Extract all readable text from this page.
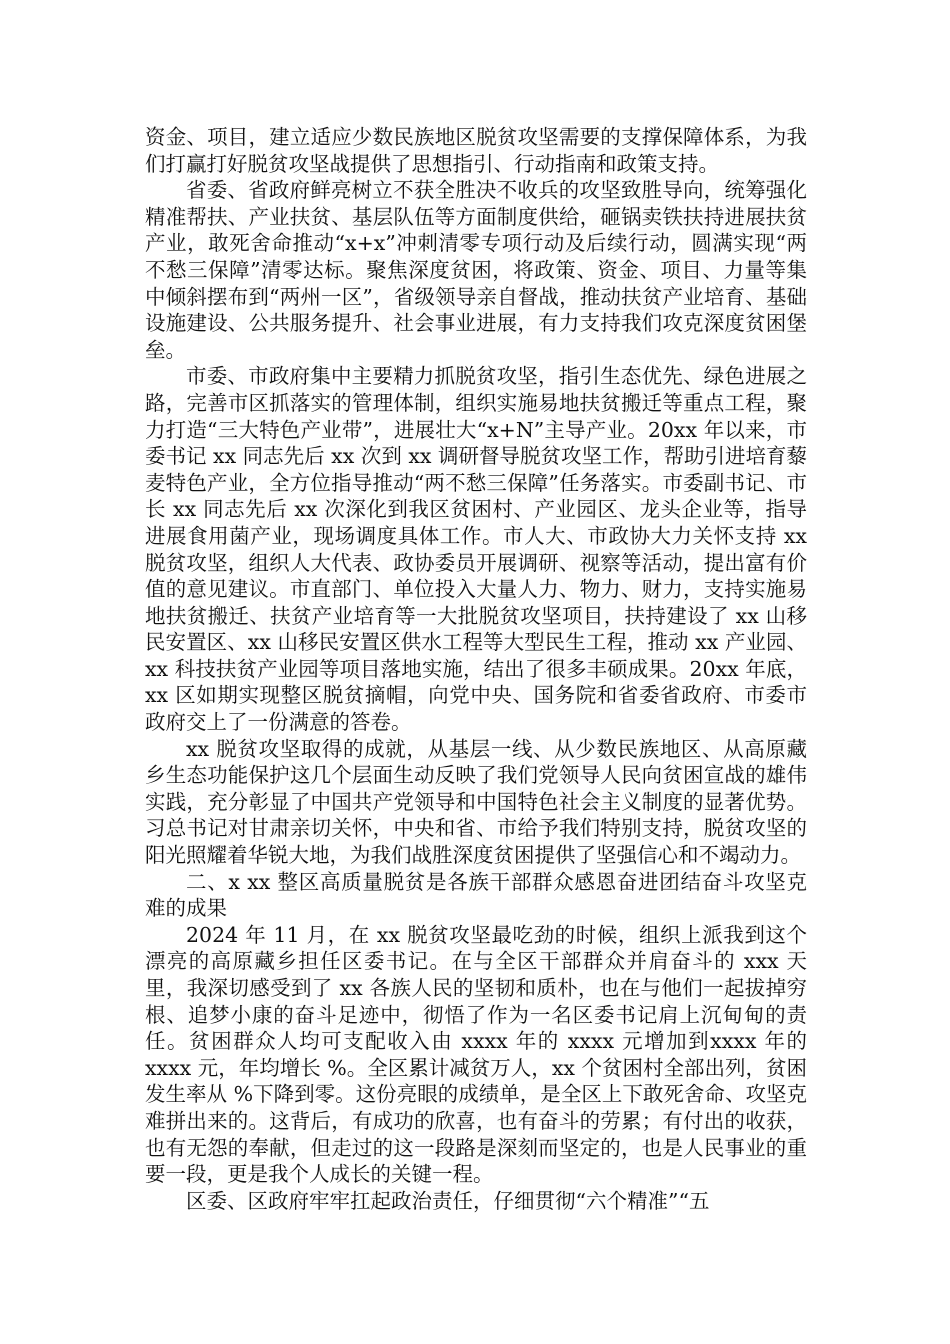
资金、项目，建立适应少数民族地区脱贫攻坚需要的支撑保障体系，为我们打赢打好脱贫攻坚战提供了思想指引、行动指南和政策支持。

省委、省政府鲜亮树立不获全胜决不收兵的攻坚致胜导向，统筹强化精准帮扶、产业扶贫、基层队伍等方面制度供给，砸锅卖铁扶持进展扶贫产业，敢死舍命推动“x+x”冲刺清零专项行动及后续行动，圆满实现“两不愁三保障”清零达标。聚焦深度贫困，将政策、资金、项目、力量等集中倾斜摆布到“两州一区”，省级领导亲自督战，推动扶贫产业培育、基础设施建设、公共服务提升、社会事业进展，有力支持我们攻克深度贫困堡垒。

市委、市政府集中主要精力抓脱贫攻坚，指引生态优先、绿色进展之路，完善市区抓落实的管理体制，组织实施易地扶贫搬迁等重点工程，聚力打造“三大特色产业带”，进展壮大“x+N”主导产业。20xx 年以来，市委书记 xx 同志先后 xx 次到 xx 调研督导脱贫攻坚工作，帮助引进培育藜麦特色产业，全方位指导推动“两不愁三保障”任务落实。市委副书记、市长 xx 同志先后 xx 次深化到我区贫困村、产业园区、龙头企业等，指导进展食用菌产业，现场调度具体工作。市人大、市政协大力关怀支持 xx 脱贫攻坚，组织人大代表、政协委员开展调研、视察等活动，提出富有价值的意见建议。市直部门、单位投入大量人力、物力、财力，支持实施易地扶贫搬迁、扶贫产业培育等一大批脱贫攻坚项目，扶持建设了 xx 山移民安置区、xx 山移民安置区供水工程等大型民生工程，推动 xx 产业园、xx 科技扶贫产业园等项目落地实施，结出了很多丰硕成果。20xx 年底，xx 区如期实现整区脱贫摘帽，向党中央、国务院和省委省政府、市委市政府交上了一份满意的答卷。

xx 脱贫攻坚取得的成就，从基层一线、从少数民族地区、从高原藏乡生态功能保护这几个层面生动反映了我们党领导人民向贫困宣战的雄伟实践，充分彰显了中国共产党领导和中国特色社会主义制度的显著优势。习总书记对甘肃亲切关怀，中央和省、市给予我们特别支持，脱贫攻坚的阳光照耀着华锐大地，为我们战胜深度贫困提供了坚强信心和不竭动力。

二、x xx 整区高质量脱贫是各族干部群众感恩奋进团结奋斗攻坚克难的成果

2024 年 11 月，在 xx 脱贫攻坚最吃劲的时候，组织上派我到这个漂亮的高原藏乡担任区委书记。在与全区干部群众并肩奋斗的 xxx 天里，我深切感受到了 xx 各族人民的坚韧和质朴，也在与他们一起拔掉穷根、追梦小康的奋斗足迹中，彻悟了作为一名区委书记肩上沉甸甸的责任。贫困群众人均可支配收入由 xxxx 年的 xxxx 元增加到xxxx 年的 xxxx 元，年均增长 %。全区累计减贫万人，xx 个贫困村全部出列，贫困发生率从 %下降到零。这份亮眼的成绩单，是全区上下敢死舍命、攻坚克难拼出来的。这背后，有成功的欣喜，也有奋斗的劳累；有付出的收获，也有无怨的奉献，但走过的这一段路是深刻而坚定的，也是人民事业的重要一段，更是我个人成长的关键一程。

区委、区政府牢牢扛起政治责任，仔细贯彻“六个精准”“五
